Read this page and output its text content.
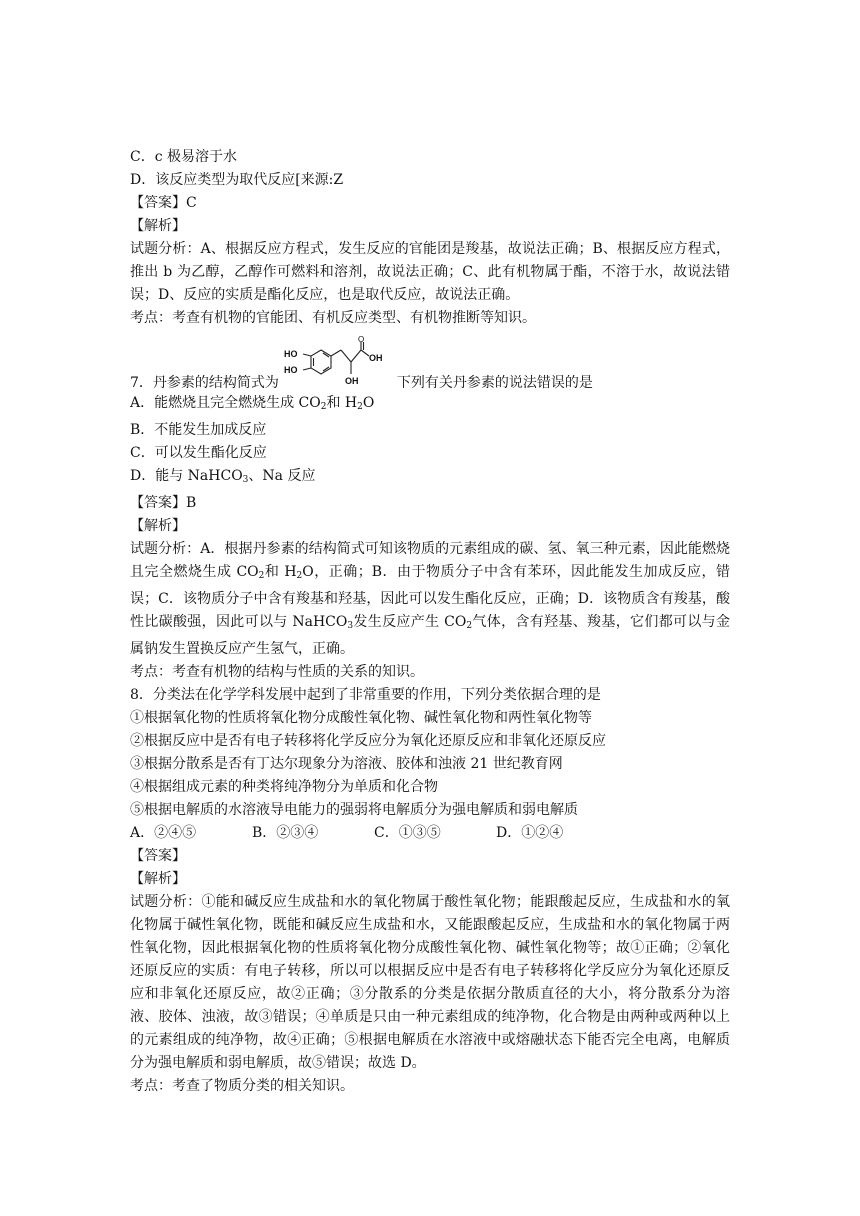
C．c 极易溶于水
D．该反应类型为取代反应[来源:Z
【答案】C
【解析】
试题分析：A、根据反应方程式，发生反应的官能团是羧基，故说法正确；B、根据反应方程式，推出 b 为乙醇，乙醇作可燃料和溶剂，故说法正确；C、此有机物属于酯，不溶于水，故说法错误；D、反应的实质是酯化反应，也是取代反应，故说法正确。
考点：考查有机物的官能团、有机反应类型、有机物推断等知识。
7．丹参素的结构简式为
HO
HO
OH
OH
O
下列有关丹参素的说法错误的是
A．能燃烧且完全燃烧生成 $CO_2$和 $H_2O$
B．不能发生加成反应
C．可以发生酯化反应
D．能与 NaHCO$_3$、Na 反应
【答案】B
【解析】
试题分析：A．根据丹参素的结构简式可知该物质的元素组成的碳、氢、氧三种元素，因此能燃烧且完全燃烧生成 $CO_2$和 $H_2O$，正确；B．由于物质分子中含有苯环，因此能发生加成反应，错误；C．该物质分子中含有羧基和羟基，因此可以发生酯化反应，正确；D．该物质含有羧基，酸性比碳酸强，因此可以与 NaHCO$_3$发生反应产生 $CO_2$气体，含有羟基、羧基，它们都可以与金属钠发生置换反应产生氢气，正确。
考点：考查有机物的结构与性质的关系的知识。
8．分类法在化学学科发展中起到了非常重要的作用，下列分类依据合理的是
①根据氧化物的性质将氧化物分成酸性氧化物、碱性氧化物和两性氧化物等
②根据反应中是否有电子转移将化学反应分为氧化还原反应和非氧化还原反应
③根据分散系是否有丁达尔现象分为溶液、胶体和浊液 21 世纪教育网
④根据组成元素的种类将纯净物分为单质和化合物
⑤根据电解质的水溶液导电能力的强弱将电解质分为强电解质和弱电解质
A．②④⑤	B．②③④	C．①③⑤	D．①②④
【答案】
【解析】
试题分析：①能和碱反应生成盐和水的氧化物属于酸性氧化物；能跟酸起反应，生成盐和水的氧化物属于碱性氧化物，既能和碱反应生成盐和水，又能跟酸起反应，生成盐和水的氧化物属于两性氧化物，因此根据氧化物的性质将氧化物分成酸性氧化物、碱性氧化物等；故①正确；②氧化还原反应的实质：有电子转移，所以可以根据反应中是否有电子转移将化学反应分为氧化还原反应和非氧化还原反应，故②正确；③分散系的分类是依据分散质直径的大小，将分散系分为溶液、胶体、浊液，故③错误；④单质是只由一种元素组成的纯净物，化合物是由两种或两种以上的元素组成的纯净物，故④正确；⑤根据电解质在水溶液中或熔融状态下能否完全电离，电解质分为强电解质和弱电解质，故⑤错误；故选 D。
考点：考查了物质分类的相关知识。
